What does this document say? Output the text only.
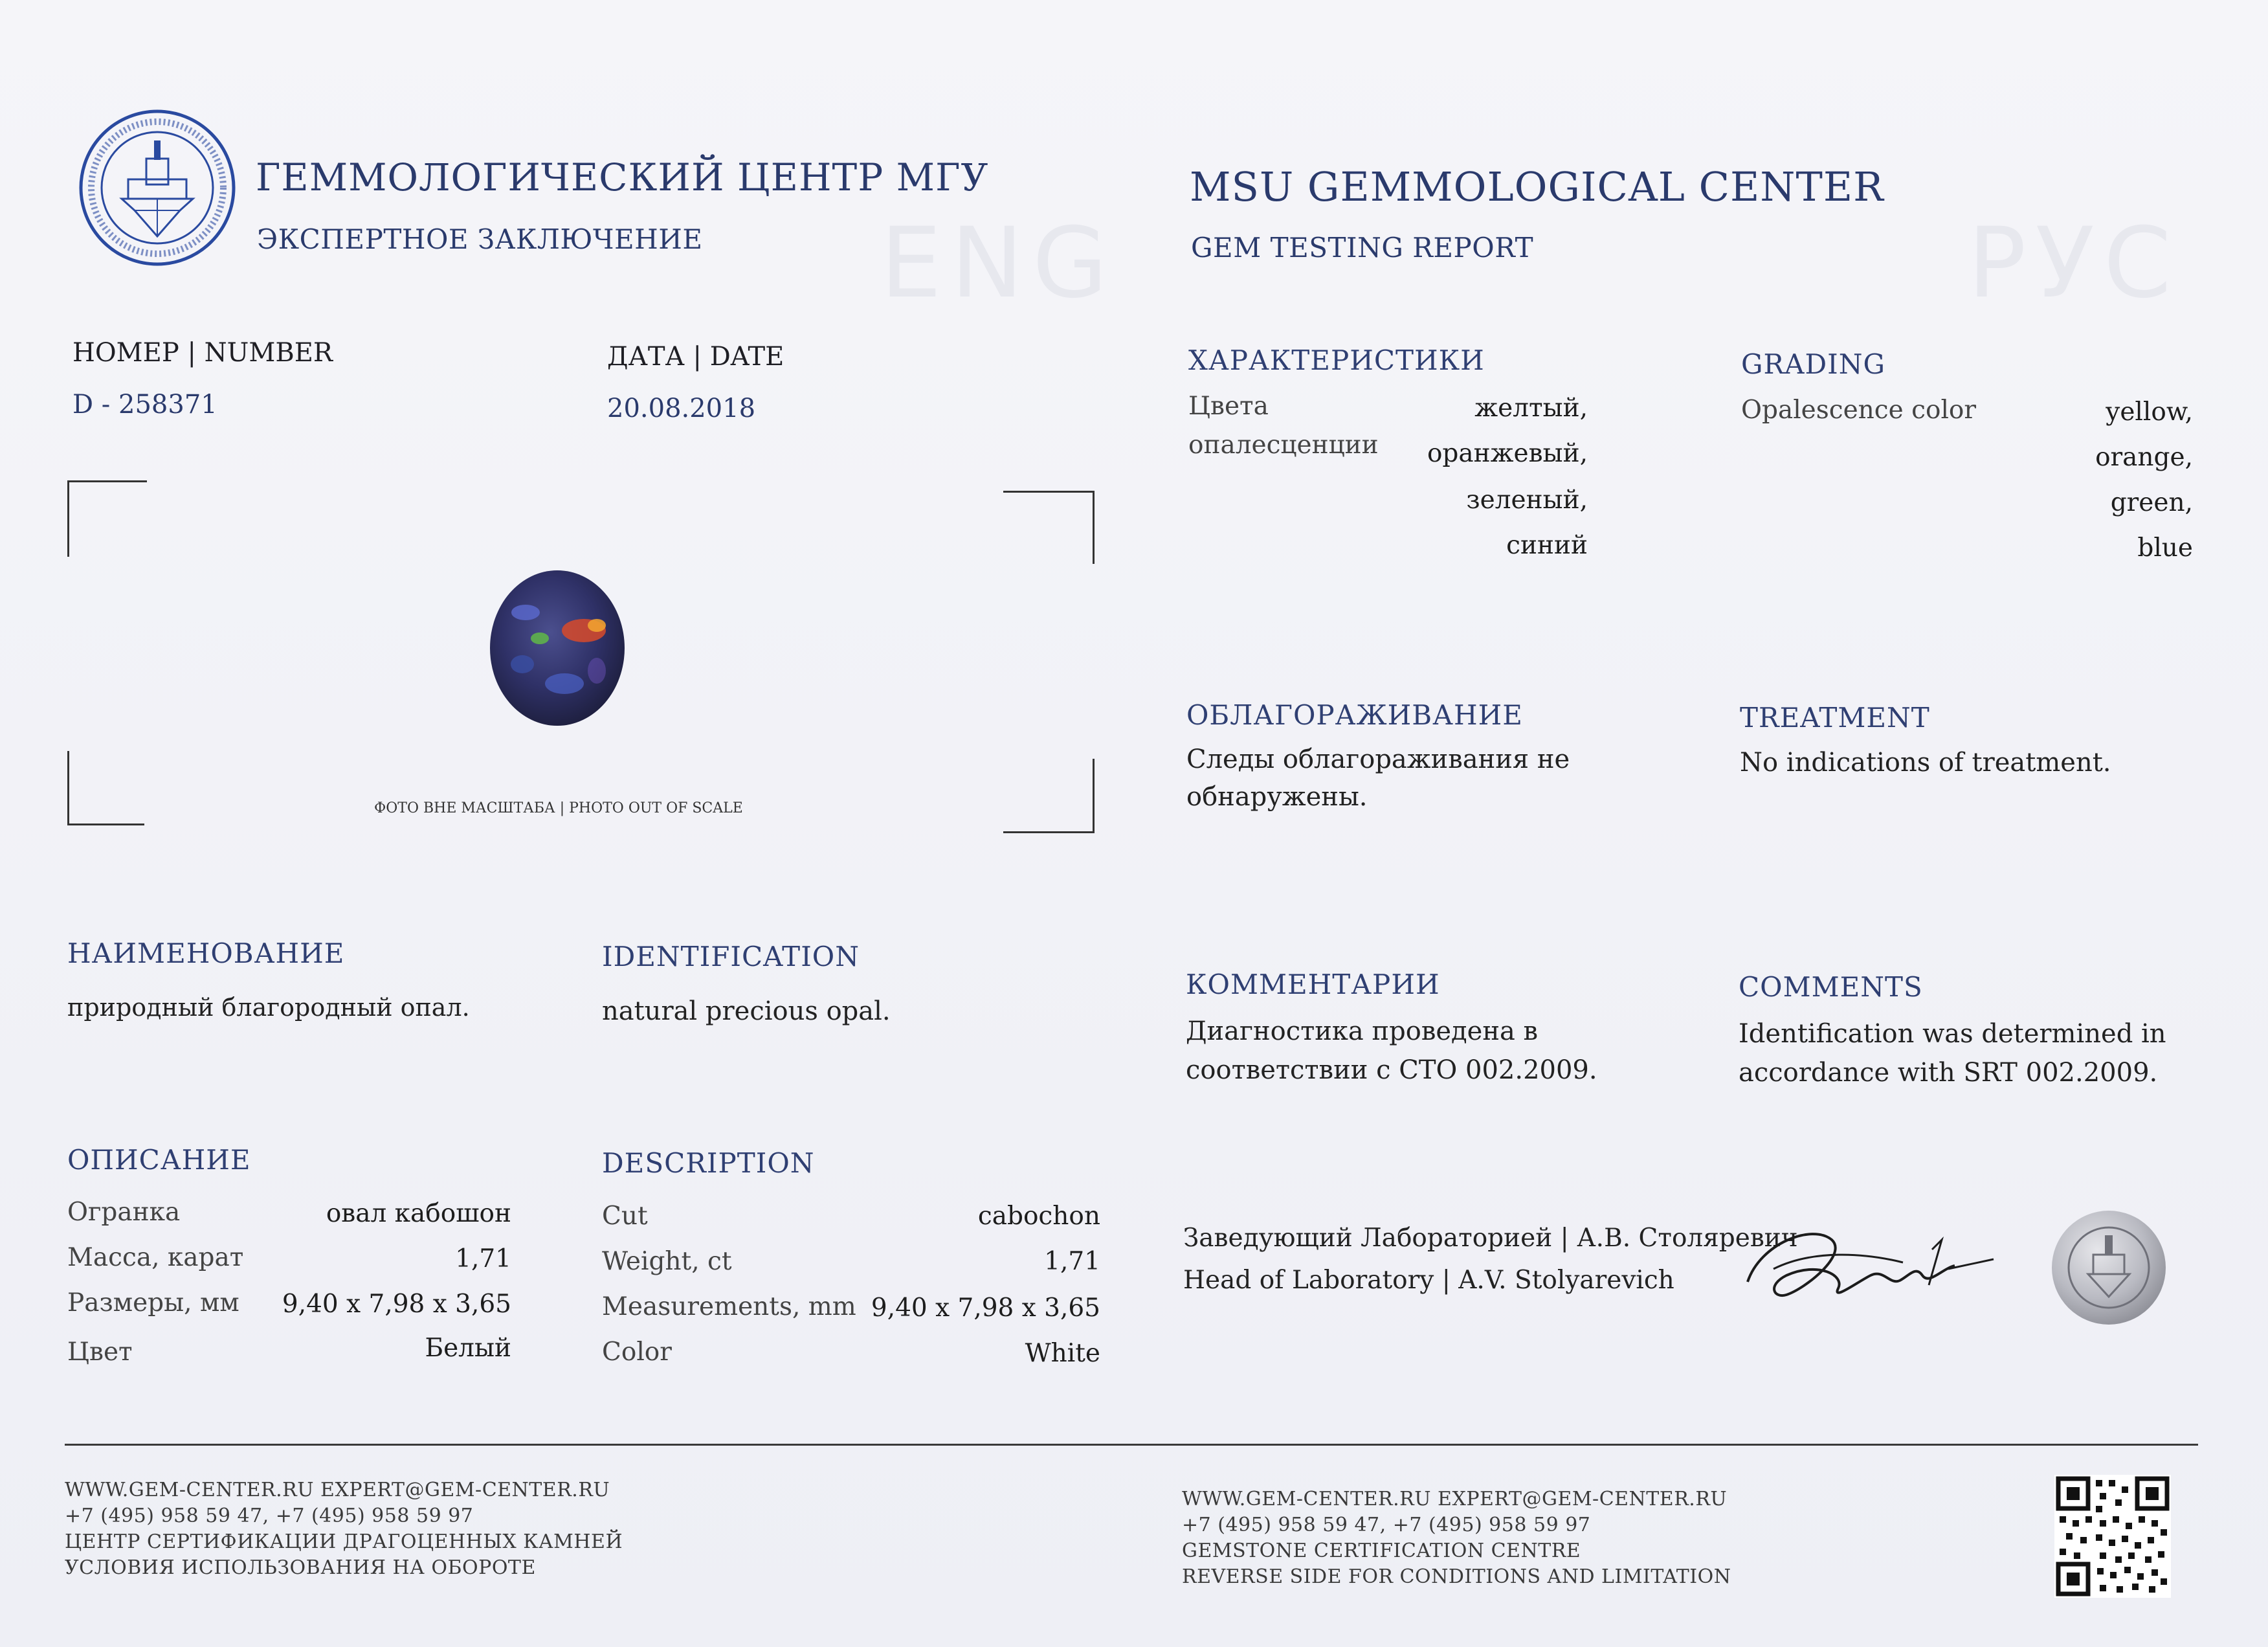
ENG	РУС
ГЕММОЛОГИЧЕСКИЙ ЦЕНТР МГУ
ЭКСПЕРТНОЕ ЗАКЛЮЧЕНИЕ
MSU GEMMOLOGICAL CENTER
GEM TESTING REPORT
НОМЕР | NUMBER
D - 258371
ДАТА | DATE
20.08.2018
ФОТО ВНЕ МАСШТАБА | PHOTO OUT OF SCALE
НАИМЕНОВАНИЕ
природный благородный опал.
IDENTIFICATION
natural precious opal.
ОПИСАНИЕ
Огранка	овал кабошон
Масса, карат	1,71
Размеры, мм	9,40 x 7,98 x 3,65
Цвет	Белый
DESCRIPTION
Cut	cabochon
Weight, ct	1,71
Measurements, mm 9,40 x 7,98 x 3,65
Color	White
ХАРАКТЕРИСТИКИ
Цвета
опалесценции
желтый,
оранжевый,
зеленый,
синий
GRADING
Opalescence color	yellow,
orange,
green,
blue
ОБЛАГОРАЖИВАНИЕ
Следы облагораживания не
обнаружены.
TREATMENT
No indications of treatment.
КОММЕНТАРИИ
Диагностика проведена в
соответствии с СТО 002.2009.
COMMENTS
Identification was determined in
accordance with SRT 002.2009.
Заведующий Лабораторией | А.В. Столяревич
Head of Laboratory | A.V. Stolyarevich
WWW.GEM-CENTER.RU EXPERT@GEM-CENTER.RU
+7 (495) 958 59 47, +7 (495) 958 59 97
ЦЕНТР СЕРТИФИКАЦИИ ДРАГОЦЕННЫХ КАМНЕЙ
УСЛОВИЯ ИСПОЛЬЗОВАНИЯ НА ОБОРОТЕ
WWW.GEM-CENTER.RU EXPERT@GEM-CENTER.RU
+7 (495) 958 59 47, +7 (495) 958 59 97
GEMSTONE CERTIFICATION CENTRE
REVERSE SIDE FOR CONDITIONS AND LIMITATION
